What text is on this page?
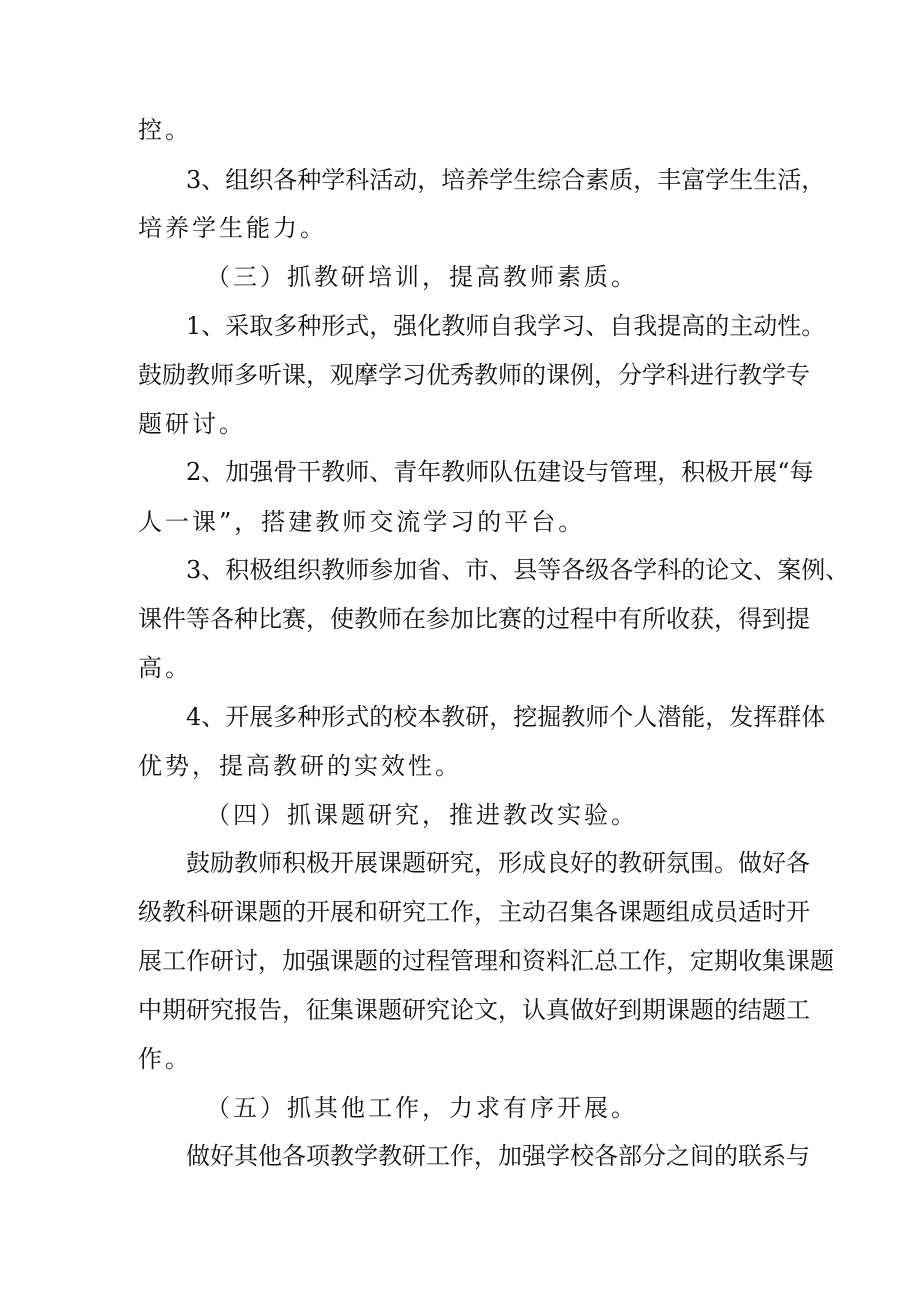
控。
3、组织各种学科活动，培养学生综合素质，丰富学生生活，
培养学生能力。
（三）抓教研培训，提高教师素质。
1、采取多种形式，强化教师自我学习、自我提高的主动性。
鼓励教师多听课，观摩学习优秀教师的课例，分学科进行教学专
题研讨。
2、加强骨干教师、青年教师队伍建设与管理，积极开展“每
人一课”，搭建教师交流学习的平台。
3、积极组织教师参加省、市、县等各级各学科的论文、案例、
课件等各种比赛，使教师在参加比赛的过程中有所收获，得到提
高。
4、开展多种形式的校本教研，挖掘教师个人潜能，发挥群体
优势，提高教研的实效性。
（四）抓课题研究，推进教改实验。
鼓励教师积极开展课题研究，形成良好的教研氛围。做好各
级教科研课题的开展和研究工作，主动召集各课题组成员适时开
展工作研讨，加强课题的过程管理和资料汇总工作，定期收集课题
中期研究报告，征集课题研究论文，认真做好到期课题的结题工
作。
（五）抓其他工作，力求有序开展。
做好其他各项教学教研工作，加强学校各部分之间的联系与
